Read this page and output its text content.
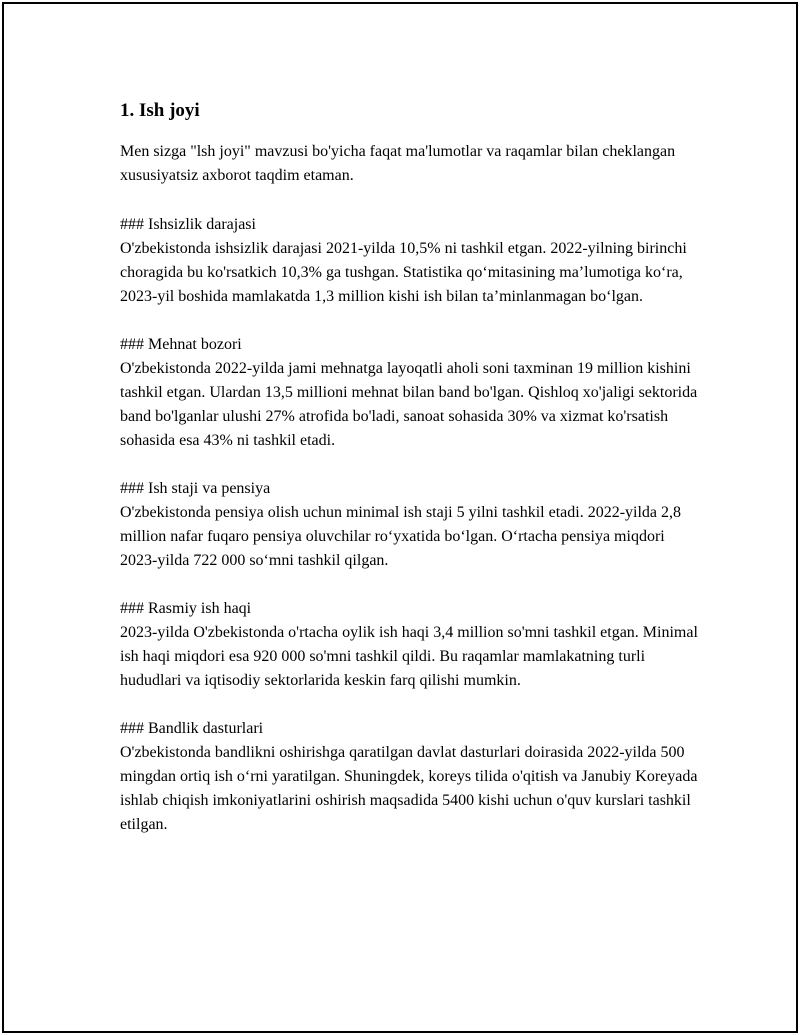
1. Ish joyi

Men sizga "lsh joyi" mavzusi bo'yicha faqat ma'lumotlar va raqamlar bilan cheklangan xususiyatsiz axborot taqdim etaman.

### Ishsizlik darajasi

O'zbekistonda ishsizlik darajasi 2021-yilda 10,5% ni tashkil etgan. 2022-yilning birinchi choragida bu ko'rsatkich 10,3% ga tushgan. Statistika qo‘mitasining ma’lumotiga ko‘ra, 2023-yil boshida mamlakatda 1,3 million kishi ish bilan ta’minlanmagan bo‘lgan.

### Mehnat bozori

O'zbekistonda 2022-yilda jami mehnatga layoqatli aholi soni taxminan 19 million kishini tashkil etgan. Ulardan 13,5 millioni mehnat bilan band bo'lgan. Qishloq xo'jaligi sektorida band bo'lganlar ulushi 27% atrofida bo'ladi, sanoat sohasida 30% va xizmat ko'rsatish sohasida esa 43% ni tashkil etadi.

### Ish staji va pensiya

O'zbekistonda pensiya olish uchun minimal ish staji 5 yilni tashkil etadi. 2022-yilda 2,8 million nafar fuqaro pensiya oluvchilar ro‘yxatida bo‘lgan. O‘rtacha pensiya miqdori 2023-yilda 722 000 so‘mni tashkil qilgan.

### Rasmiy ish haqi

2023-yilda O'zbekistonda o'rtacha oylik ish haqi 3,4 million so'mni tashkil etgan. Minimal ish haqi miqdori esa 920 000 so'mni tashkil qildi. Bu raqamlar mamlakatning turli hududlari va iqtisodiy sektorlarida keskin farq qilishi mumkin.

### Bandlik dasturlari

O'zbekistonda bandlikni oshirishga qaratilgan davlat dasturlari doirasida 2022-yilda 500 mingdan ortiq ish o‘rni yaratilgan. Shuningdek, koreys tilida o'qitish va Janubiy Koreyada ishlab chiqish imkoniyatlarini oshirish maqsadida 5400 kishi uchun o'quv kurslari tashkil etilgan.
